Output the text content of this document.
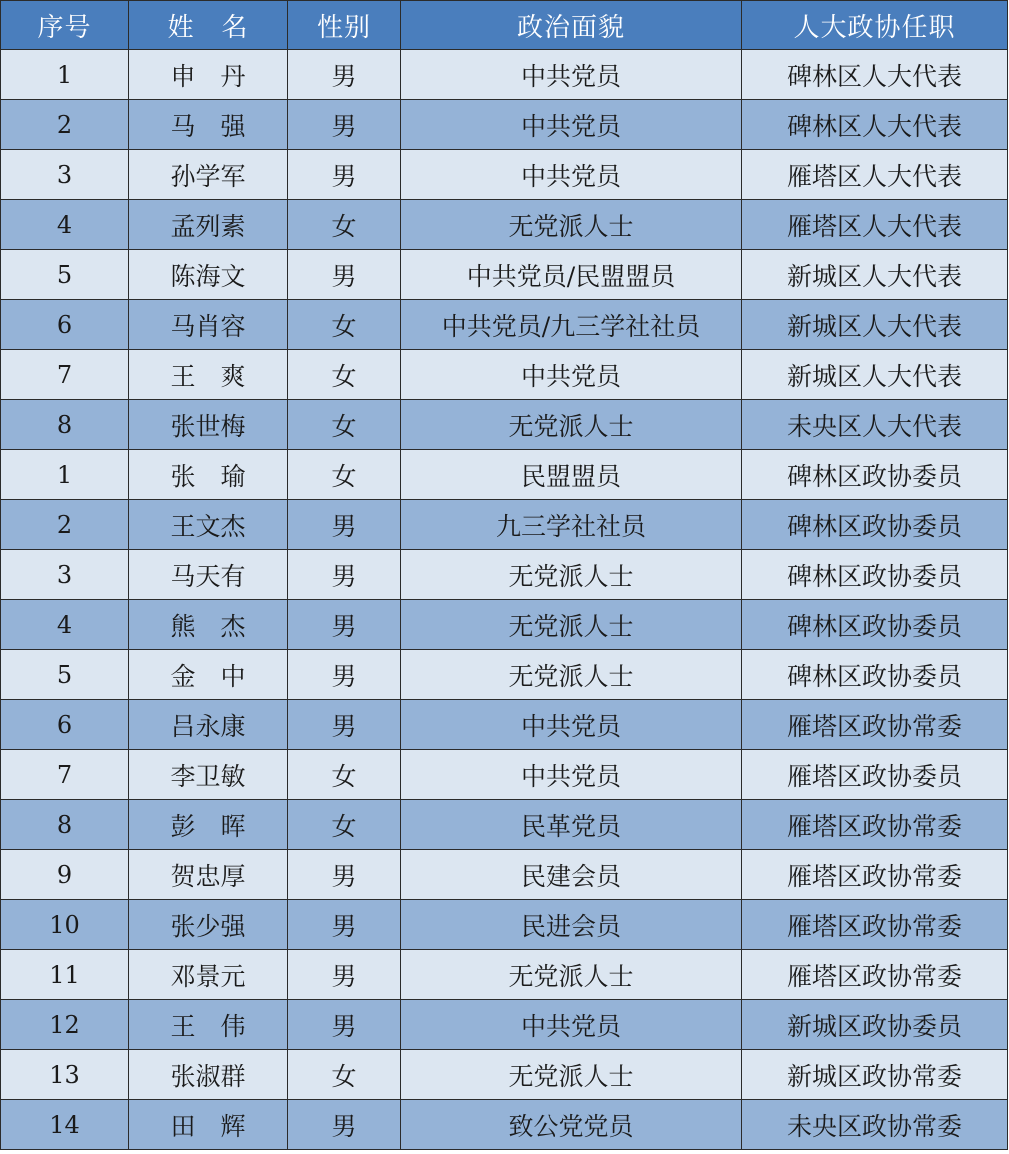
序号	姓　名	性别	政治面貌	人大政协任职
1	申　丹	男	中共党员	碑林区人大代表
2	马　强	男	中共党员	碑林区人大代表
3	孙学军	男	中共党员	雁塔区人大代表
4	孟列素	女	无党派人士	雁塔区人大代表
5	陈海文	男	中共党员/民盟盟员	新城区人大代表
6	马肖容	女	中共党员/九三学社社员	新城区人大代表
7	王　爽	女	中共党员	新城区人大代表
8	张世梅	女	无党派人士	未央区人大代表
1	张　瑜	女	民盟盟员	碑林区政协委员
2	王文杰	男	九三学社社员	碑林区政协委员
3	马天有	男	无党派人士	碑林区政协委员
4	熊　杰	男	无党派人士	碑林区政协委员
5	金　中	男	无党派人士	碑林区政协委员
6	吕永康	男	中共党员	雁塔区政协常委
7	李卫敏	女	中共党员	雁塔区政协委员
8	彭　晖	女	民革党员	雁塔区政协常委
9	贺忠厚	男	民建会员	雁塔区政协常委
10	张少强	男	民进会员	雁塔区政协常委
11	邓景元	男	无党派人士	雁塔区政协常委
12	王　伟	男	中共党员	新城区政协委员
13	张淑群	女	无党派人士	新城区政协常委
14	田　辉	男	致公党党员	未央区政协常委
